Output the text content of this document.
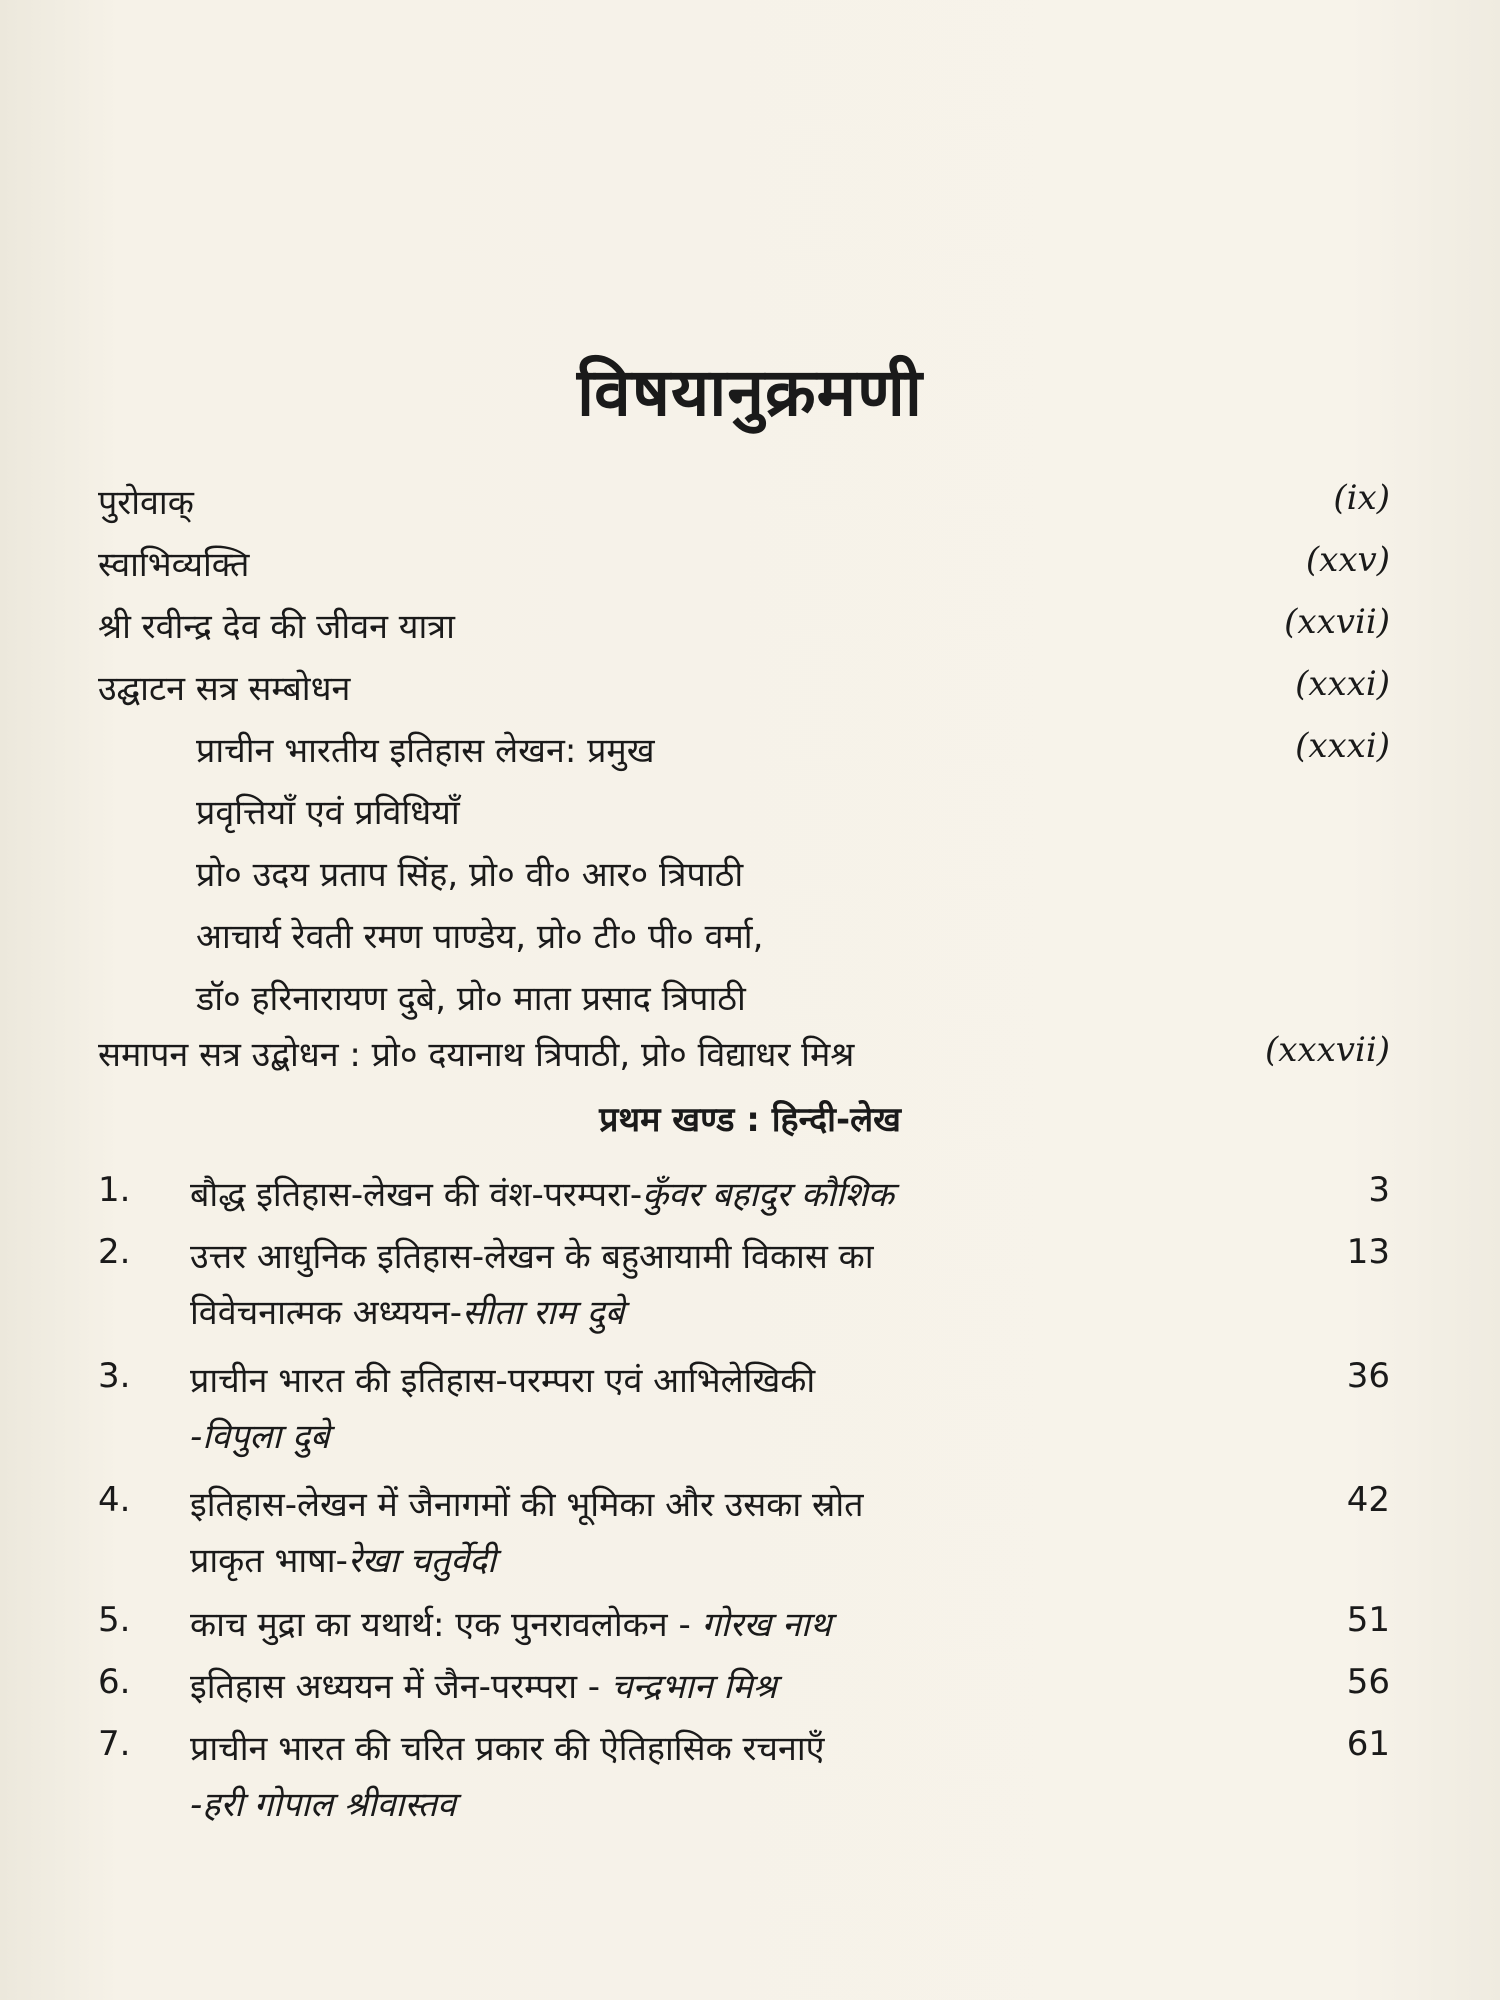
विषयानुक्रमणी
पुरोवाक्	(ix)
स्वाभिव्यक्ति	(xxv)
श्री रवीन्द्र देव की जीवन यात्रा	(xxvii)
उद्घाटन सत्र सम्बोधन	(xxxi)
प्राचीन भारतीय इतिहास लेखन: प्रमुख	(xxxi)
प्रवृत्तियाँ एवं प्रविधियाँ
प्रो० उदय प्रताप सिंह, प्रो० वी० आर० त्रिपाठी
आचार्य रेवती रमण पाण्डेय, प्रो० टी० पी० वर्मा,
डॉ० हरिनारायण दुबे, प्रो० माता प्रसाद त्रिपाठी
समापन सत्र उद्बोधन : प्रो० दयानाथ त्रिपाठी, प्रो० विद्याधर मिश्र	(xxxvii)
प्रथम खण्ड : हिन्दी-लेख
1. बौद्ध इतिहास-लेखन की वंश-परम्परा-कुँवर बहादुर कौशिक	3
2. उत्तर आधुनिक इतिहास-लेखन के बहुआयामी विकास का	13
विवेचनात्मक अध्ययन-सीता राम दुबे
3. प्राचीन भारत की इतिहास-परम्परा एवं आभिलेखिकी	36
-विपुला दुबे
4. इतिहास-लेखन में जैनागमों की भूमिका और उसका स्रोत	42
प्राकृत भाषा-रेखा चतुर्वेदी
5. काच मुद्रा का यथार्थ: एक पुनरावलोकन - गोरख नाथ	51
6. इतिहास अध्ययन में जैन-परम्परा - चन्द्रभान मिश्र	56
7. प्राचीन भारत की चरित प्रकार की ऐतिहासिक रचनाएँ	61
-हरी गोपाल श्रीवास्तव
